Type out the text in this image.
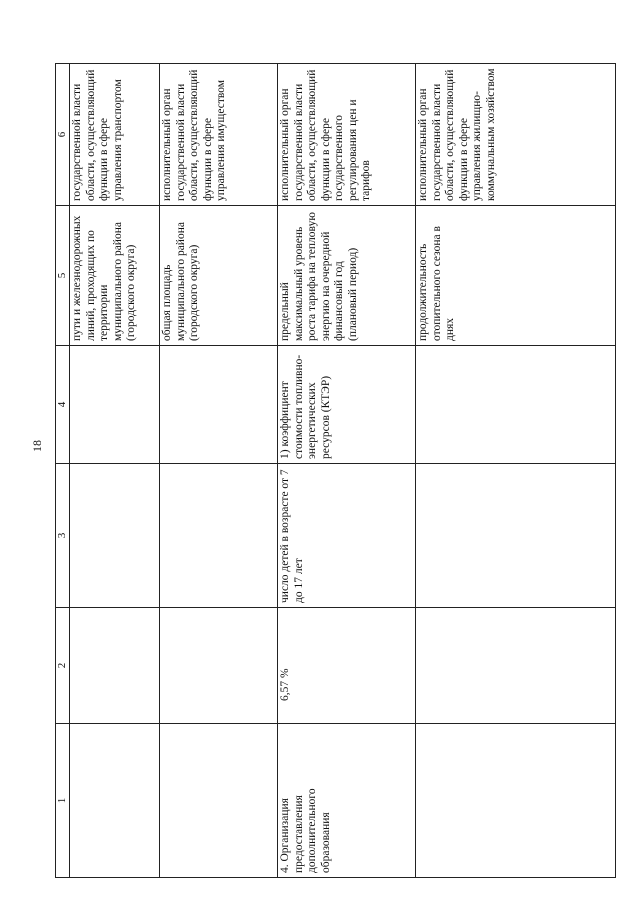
18
1	2	3	4	5	6

				пути и железнодорожных линий, проходящих по территории муниципального района (городского округа)	государственной власти области, осуществляющий функции в сфере управления транспортом

				общая площадь муниципального района (городского округа)	исполнительный орган государственной власти области, осуществляющий функции в сфере управления имуществом

4. Организация предоставления дополнительного образования	6,57 %	число детей в возрасте от 7 до 17 лет	1) коэффициент стоимости топливно-энергетических ресурсов (КТЭР)	предельный максимальный уровень роста тарифа на тепловую энергию на очередной финансовый год (плановый период)	исполнительный орган государственной власти области, осуществляющий функции в сфере государственного регулирования цен и тарифов

				продолжительность отопительного сезона в днях	исполнительный орган государственной власти области, осуществляющий функции в сфере управления жилищно-коммунальным хозяйством
